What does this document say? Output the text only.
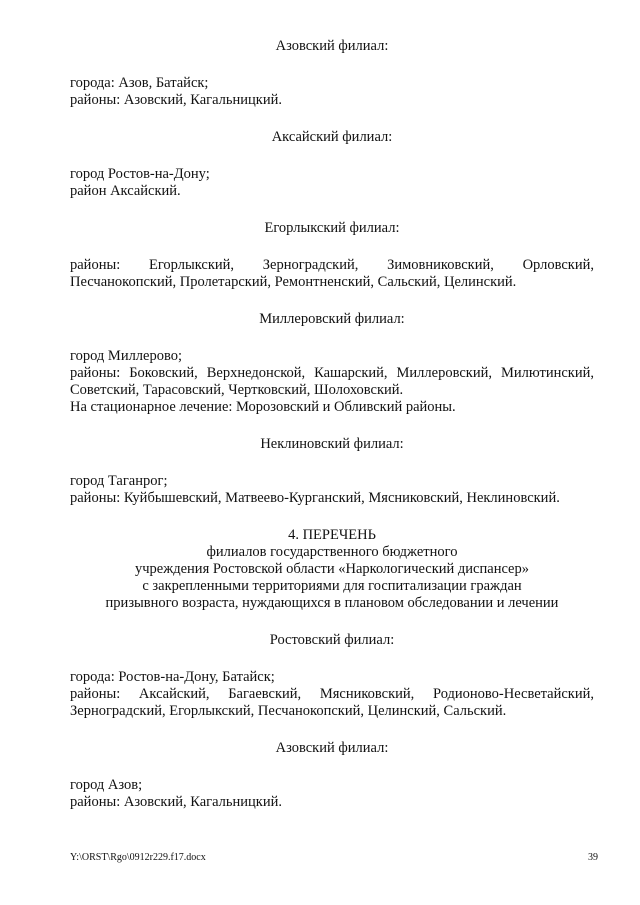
Азовский филиал:
города: Азов, Батайск;
районы: Азовский, Кагальницкий.
Аксайский филиал:
город Ростов-на-Дону;
район Аксайский.
Егорлыкский филиал:
районы: Егорлыкский, Зерноградский, Зимовниковский, Орловский, Песчанокопский, Пролетарский, Ремонтненский, Сальский, Целинский.
Миллеровский филиал:
город Миллерово;
районы: Боковский, Верхнедонской, Кашарский, Миллеровский, Милютинский, Советский, Тарасовский, Чертковский, Шолоховский.
На стационарное лечение: Морозовский и Обливский районы.
Неклиновский филиал:
город Таганрог;
районы: Куйбышевский, Матвеево-Курганский, Мясниковский, Неклиновский.
4. ПЕРЕЧЕНЬ
филиалов государственного бюджетного
учреждения Ростовской области «Наркологический диспансер»
с закрепленными территориями для госпитализации граждан
призывного возраста, нуждающихся в плановом обследовании и лечении
Ростовский филиал:
города: Ростов-на-Дону, Батайск;
районы: Аксайский, Багаевский, Мясниковский, Родионово-Несветайский, Зерноградский, Егорлыкский, Песчанокопский, Целинский, Сальский.
Азовский филиал:
город Азов;
районы: Азовский, Кагальницкий.
Y:\ORST\Rgo\0912r229.f17.docx	39
